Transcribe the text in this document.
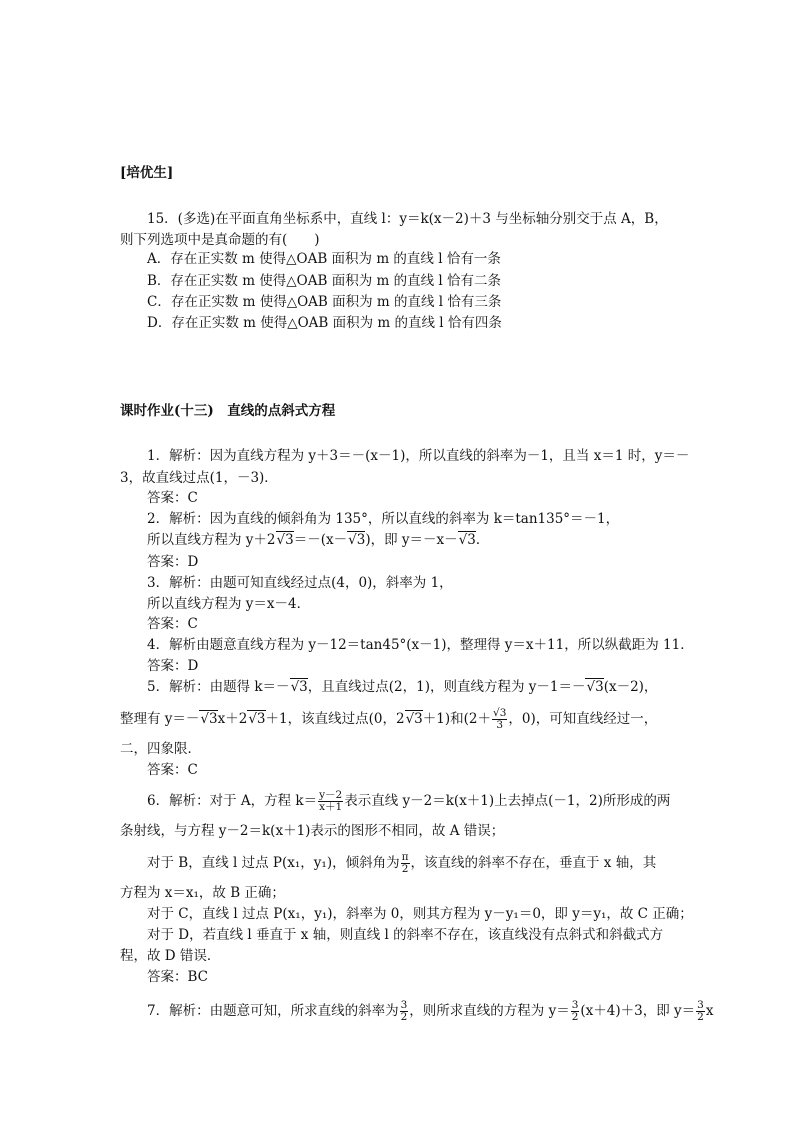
[培优生]
15．(多选)在平面直角坐标系中，直线 l：y＝k(x－2)＋3 与坐标轴分别交于点 A，B，
则下列选项中是真命题的有(　　)
A．存在正实数 m 使得△OAB 面积为 m 的直线 l 恰有一条
B．存在正实数 m 使得△OAB 面积为 m 的直线 l 恰有二条
C．存在正实数 m 使得△OAB 面积为 m 的直线 l 恰有三条
D．存在正实数 m 使得△OAB 面积为 m 的直线 l 恰有四条
课时作业(十三)　直线的点斜式方程
1．解析：因为直线方程为 y＋3＝－(x－1)，所以直线的斜率为－1，且当 x＝1 时，y＝－
3，故直线过点(1，－3)．
答案：C
2．解析：因为直线的倾斜角为 135°，所以直线的斜率为 k＝tan135°＝－1，
所以直线方程为 y＋2√3＝－(x－√3)，即 y＝－x－√3．
答案：D
3．解析：由题可知直线经过点(4，0)，斜率为 1，
所以直线方程为 y＝x－4．
答案：C
4．解析由题意直线方程为 y－12＝tan45°(x－1)，整理得 y＝x＋11，所以纵截距为 11．
答案：D
5．解析：由题得 k＝－√3，且直线过点(2，1)，则直线方程为 y－1＝－√3(x－2)，
整理有 y＝－√3x＋2√3＋1，该直线过点(0，2√3＋1)和($2+ \frac{√3}{3}$ ，0)，可知直线经过一，
二，四象限．
答案：C
6．解析：对于 A，方程 $k= \frac{y-2}{x+1}$ 表示直线 y－2＝k(x＋1)上去掉点(－1，2)所形成的两
条射线，与方程 y－2＝k(x＋1)表示的图形不相同，故 A 错误；
对于 B，直线 l 过点 P(x₁，y₁)，倾斜角为 $\frac{\pi}{2}$ ，该直线的斜率不存在，垂直于 x 轴，其
方程为 x＝x₁，故 B 正确；
对于 C，直线 l 过点 P(x₁，y₁)，斜率为 0，则其方程为 y－y₁＝0，即 y＝y₁，故 C 正确；
对于 D，若直线 l 垂直于 x 轴，则直线 l 的斜率不存在，该直线没有点斜式和斜截式方
程，故 D 错误．
答案：BC
7．解析：由题意可知，所求直线的斜率为 $\frac{3}{2}$ ，则所求直线的方程为 $y= \frac{3}{2} (x+4)+3$，即 $y= \frac{3}{2}$ x
